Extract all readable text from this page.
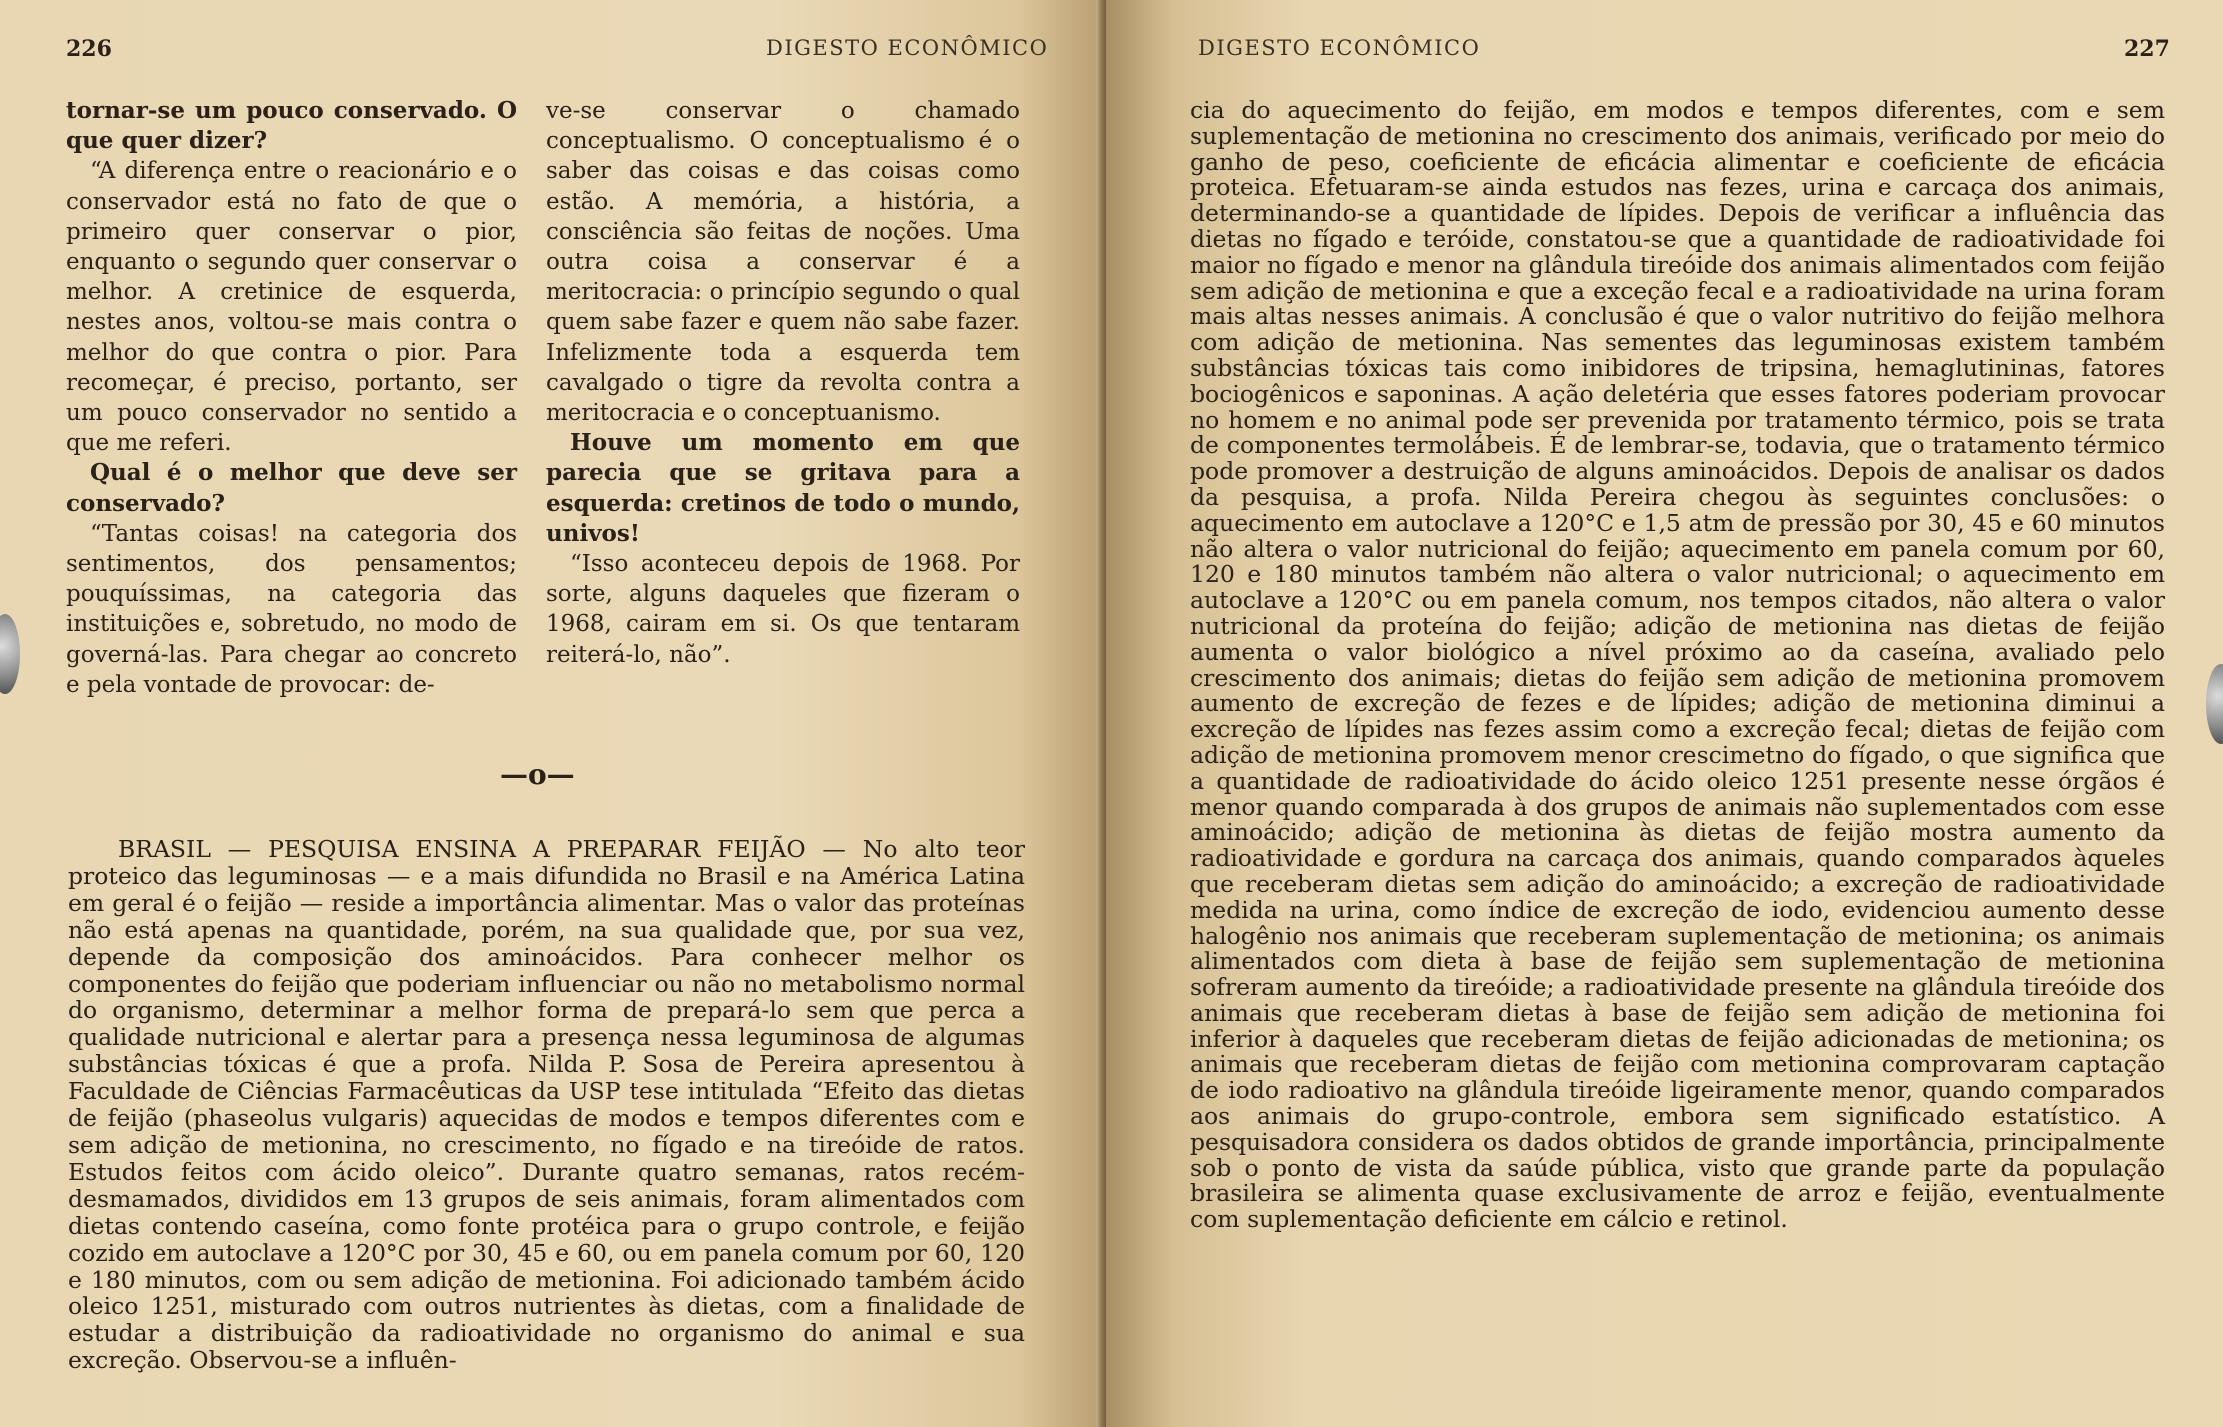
226	DIGESTO ECONÔMICO

tornar-se um pouco conservado. O que quer dizer?

“A diferença entre o reacionário e o conservador está no fato de que o primeiro quer conservar o pior, enquanto o segundo quer conservar o melhor. A cretinice de esquerda, nestes anos, voltou-se mais contra o melhor do que contra o pior. Para recomeçar, é preciso, portanto, ser um pouco conservador no sentido a que me referi.

Qual é o melhor que deve ser conservado?

“Tantas coisas! na categoria dos sentimentos, dos pensamentos; pouquíssimas, na categoria das instituições e, sobretudo, no modo de governá-las. Para chegar ao concreto e pela vontade de provocar: de-

ve-se conservar o chamado conceptualismo. O conceptualismo é o saber das coisas e das coisas como estão. A memória, a história, a consciência são feitas de noções. Uma outra coisa a conservar é a meritocracia: o princípio segundo o qual quem sabe fazer e quem não sabe fazer. Infelizmente toda a esquerda tem cavalgado o tigre da revolta contra a meritocracia e o conceptuanismo.

Houve um momento em que parecia que se gritava para a esquerda: cretinos de todo o mundo, univos!

“Isso aconteceu depois de 1968. Por sorte, alguns daqueles que fizeram o 1968, cairam em si. Os que tentaram reiterá-lo, não”.

—o—

BRASIL — PESQUISA ENSINA A PREPARAR FEIJÃO — No alto teor proteico das leguminosas — e a mais difundida no Brasil e na América Latina em geral é o feijão — reside a importância alimentar. Mas o valor das proteínas não está apenas na quantidade, porém, na sua qualidade que, por sua vez, depende da composição dos aminoácidos. Para conhecer melhor os componentes do feijão que poderiam influenciar ou não no metabolismo normal do organismo, determinar a melhor forma de prepará-lo sem que perca a qualidade nutricional e alertar para a presença nessa leguminosa de algumas substâncias tóxicas é que a profa. Nilda P. Sosa de Pereira apresentou à Faculdade de Ciências Farmacêuticas da USP tese intitulada “Efeito das dietas de feijão (phaseolus vulgaris) aquecidas de modos e tempos diferentes com e sem adição de metionina, no crescimento, no fígado e na tireóide de ratos. Estudos feitos com ácido oleico”. Durante quatro semanas, ratos recém-desmamados, divididos em 13 grupos de seis animais, foram alimentados com dietas contendo caseína, como fonte protéica para o grupo controle, e feijão cozido em autoclave a 120°C por 30, 45 e 60, ou em panela comum por 60, 120 e 180 minutos, com ou sem adição de metionina. Foi adicionado também ácido oleico 1251, misturado com outros nutrientes às dietas, com a finalidade de estudar a distribuição da radioatividade no organismo do animal e sua excreção. Observou-se a influên-

DIGESTO ECONÔMICO	227

cia do aquecimento do feijão, em modos e tempos diferentes, com e sem suplementação de metionina no crescimento dos animais, verificado por meio do ganho de peso, coeficiente de eficácia alimentar e coeficiente de eficácia proteica. Efetuaram-se ainda estudos nas fezes, urina e carcaça dos animais, determinando-se a quantidade de lípides. Depois de verificar a influência das dietas no fígado e teróide, constatou-se que a quantidade de radioatividade foi maior no fígado e menor na glândula tireóide dos animais alimentados com feijão sem adição de metionina e que a exceção fecal e a radioatividade na urina foram mais altas nesses animais. A conclusão é que o valor nutritivo do feijão melhora com adição de metionina. Nas sementes das leguminosas existem também substâncias tóxicas tais como inibidores de tripsina, hemaglutininas, fatores bociogênicos e saponinas. A ação deletéria que esses fatores poderiam provocar no homem e no animal pode ser prevenida por tratamento térmico, pois se trata de componentes termolábeis. É de lembrar-se, todavia, que o tratamento térmico pode promover a destruição de alguns aminoácidos. Depois de analisar os dados da pesquisa, a profa. Nilda Pereira chegou às seguintes conclusões: o aquecimento em autoclave a 120°C e 1,5 atm de pressão por 30, 45 e 60 minutos não altera o valor nutricional do feijão; aquecimento em panela comum por 60, 120 e 180 minutos também não altera o valor nutricional; o aquecimento em autoclave a 120°C ou em panela comum, nos tempos citados, não altera o valor nutricional da proteína do feijão; adição de metionina nas dietas de feijão aumenta o valor biológico a nível próximo ao da caseína, avaliado pelo crescimento dos animais; dietas do feijão sem adição de metionina promovem aumento de excreção de fezes e de lípides; adição de metionina diminui a excreção de lípides nas fezes assim como a excreção fecal; dietas de feijão com adição de metionina promovem menor crescimetno do fígado, o que significa que a quantidade de radioatividade do ácido oleico 1251 presente nesse órgãos é menor quando comparada à dos grupos de animais não suplementados com esse aminoácido; adição de metionina às dietas de feijão mostra aumento da radioatividade e gordura na carcaça dos animais, quando comparados àqueles que receberam dietas sem adição do aminoácido; a excreção de radioatividade medida na urina, como índice de excreção de iodo, evidenciou aumento desse halogênio nos animais que receberam suplementação de metionina; os animais alimentados com dieta à base de feijão sem suplementação de metionina sofreram aumento da tireóide; a radioatividade presente na glândula tireóide dos animais que receberam dietas à base de feijão sem adição de metionina foi inferior à daqueles que receberam dietas de feijão adicionadas de metionina; os animais que receberam dietas de feijão com metionina comprovaram captação de iodo radioativo na glândula tireóide ligeiramente menor, quando comparados aos animais do grupo-controle, embora sem significado estatístico. A pesquisadora considera os dados obtidos de grande importância, principalmente sob o ponto de vista da saúde pública, visto que grande parte da população brasileira se alimenta quase exclusivamente de arroz e feijão, eventualmente com suplementação deficiente em cálcio e retinol.
